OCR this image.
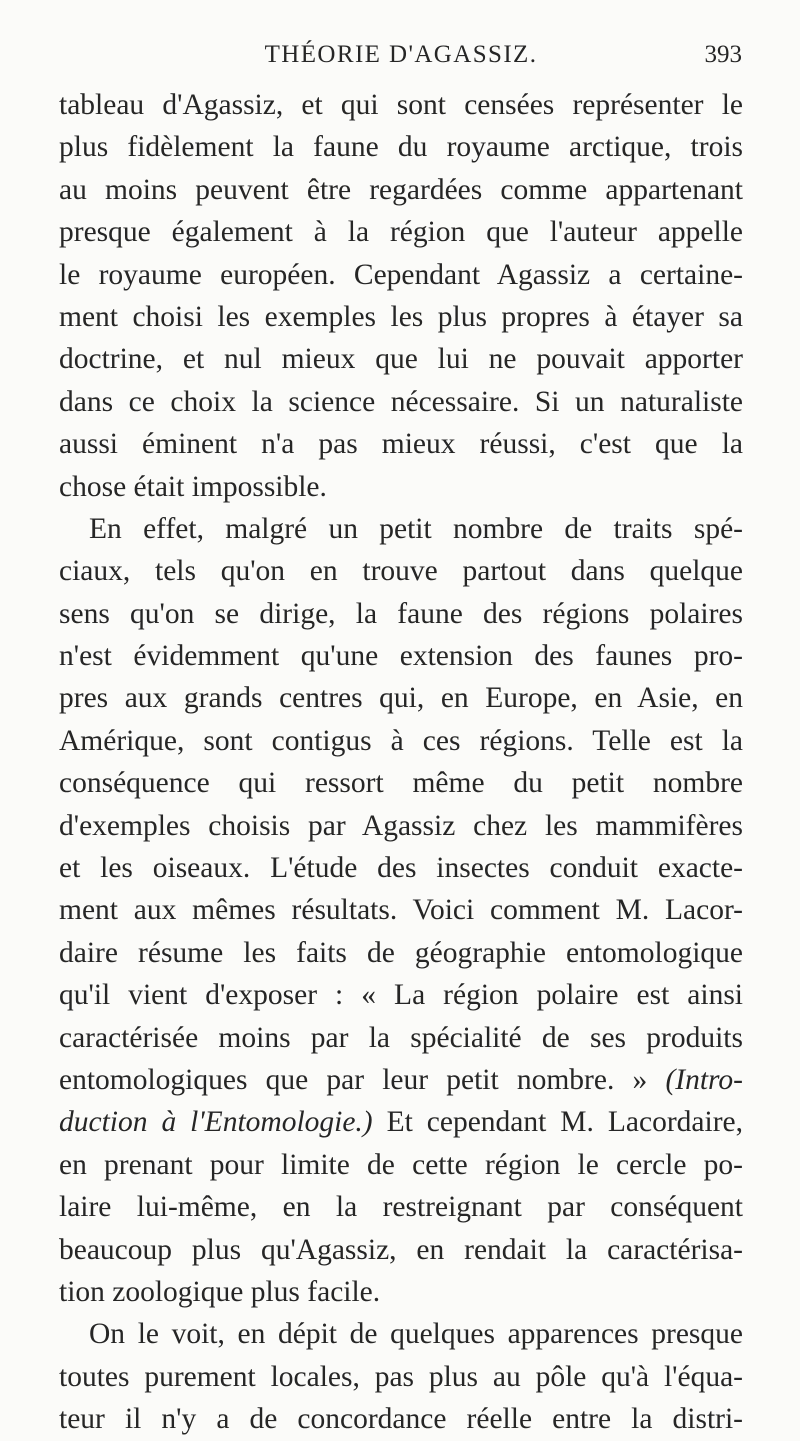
THÉORIE D'AGASSIZ.	393
tableau d'Agassiz, et qui sont censées représenter le
plus fidèlement la faune du royaume arctique, trois
au moins peuvent être regardées comme appartenant
presque également à la région que l'auteur appelle
le royaume européen. Cependant Agassiz a certaine-
ment choisi les exemples les plus propres à étayer sa
doctrine, et nul mieux que lui ne pouvait apporter
dans ce choix la science nécessaire. Si un naturaliste
aussi éminent n'a pas mieux réussi, c'est que la
chose était impossible.
En effet, malgré un petit nombre de traits spé-
ciaux, tels qu'on en trouve partout dans quelque
sens qu'on se dirige, la faune des régions polaires
n'est évidemment qu'une extension des faunes pro-
pres aux grands centres qui, en Europe, en Asie, en
Amérique, sont contigus à ces régions. Telle est la
conséquence qui ressort même du petit nombre
d'exemples choisis par Agassiz chez les mammifères
et les oiseaux. L'étude des insectes conduit exacte-
ment aux mêmes résultats. Voici comment M. Lacor-
daire résume les faits de géographie entomologique
qu'il vient d'exposer : « La région polaire est ainsi
caractérisée moins par la spécialité de ses produits
entomologiques que par leur petit nombre. » (Intro-
duction à l'Entomologie.) Et cependant M. Lacordaire,
en prenant pour limite de cette région le cercle po-
laire lui-même, en la restreignant par conséquent
beaucoup plus qu'Agassiz, en rendait la caractérisa-
tion zoologique plus facile.
On le voit, en dépit de quelques apparences presque
toutes purement locales, pas plus au pôle qu'à l'équa-
teur il n'y a de concordance réelle entre la distri-
